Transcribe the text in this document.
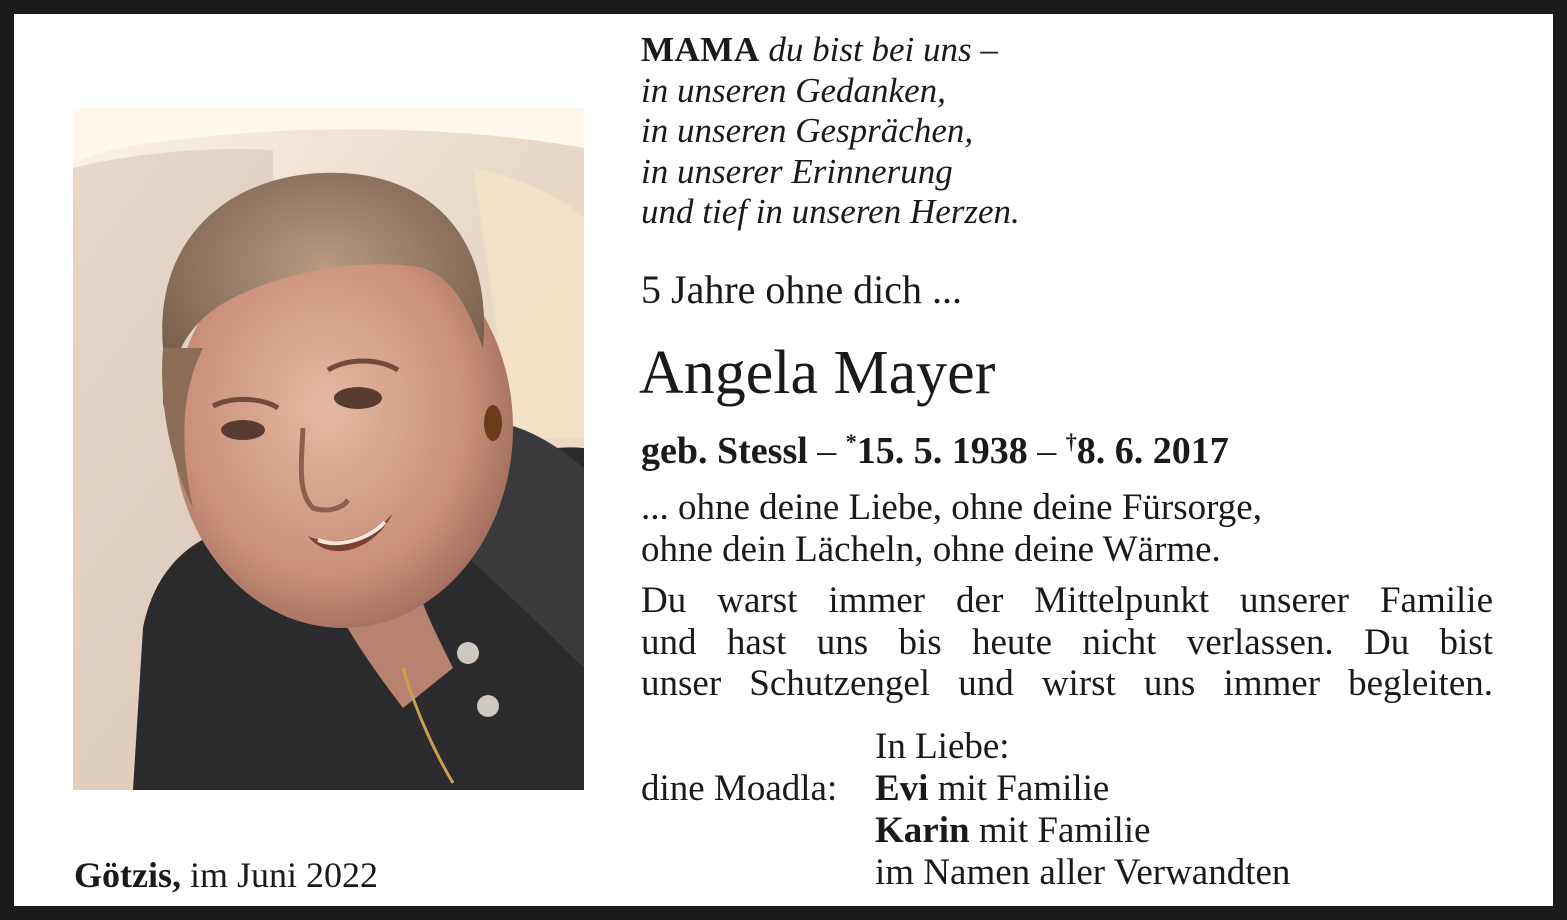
MAMA du bist bei uns –
in unseren Gedanken,
in unseren Gesprächen,
in unserer Erinnerung
und tief in unseren Herzen.
5 Jahre ohne dich ...
Angela Mayer
geb. Stessl – *15. 5. 1938 – †8. 6. 2017
... ohne deine Liebe, ohne deine Fürsorge,
ohne dein Lächeln, ohne deine Wärme.
Du warst immer der Mittelpunkt unserer Familie
und hast uns bis heute nicht verlassen. Du bist
unser Schutzengel und wirst uns immer begleiten.
dine Moadla:
In Liebe:
Evi mit Familie
Karin mit Familie
im Namen aller Verwandten
Götzis, im Juni 2022
